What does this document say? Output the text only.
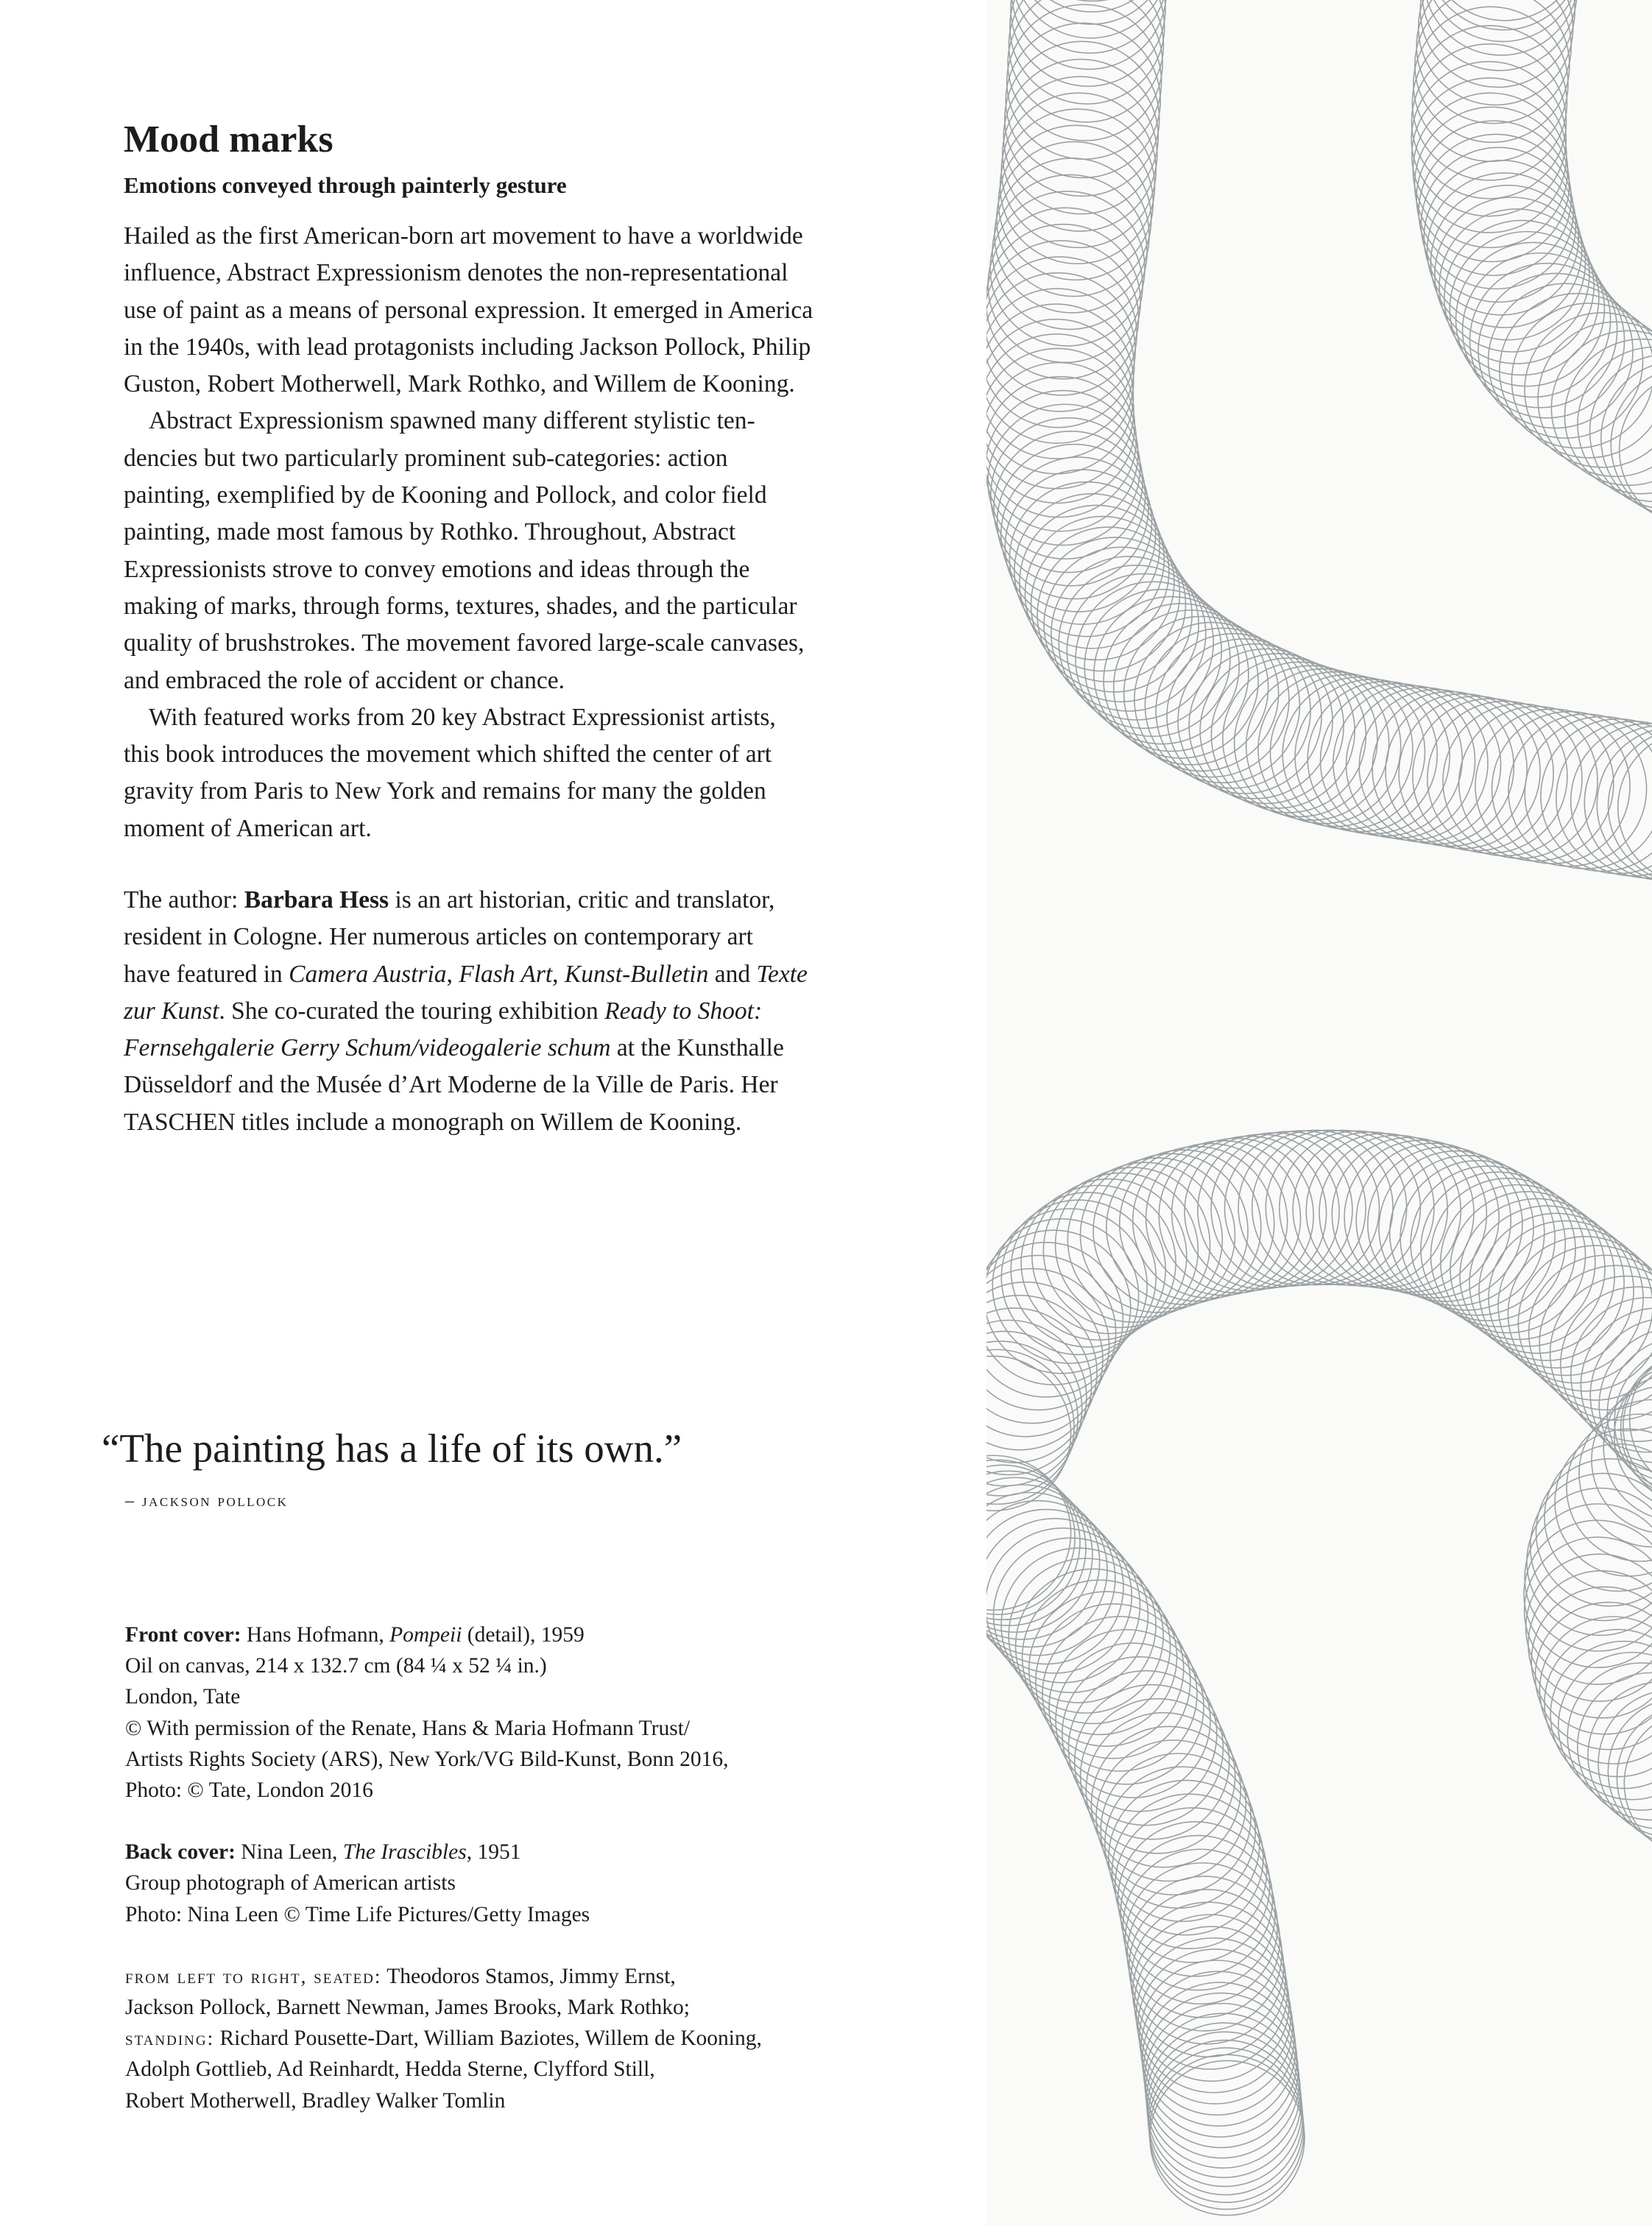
Mood marks
Emotions conveyed through painterly gesture
Hailed as the first American-born art movement to have a worldwide
influence, Abstract Expressionism denotes the non-representational
use of paint as a means of personal expression. It emerged in America
in the 1940s, with lead protagonists including Jackson Pollock, Philip
Guston, Robert Motherwell, Mark Rothko, and Willem de Kooning.
Abstract Expressionism spawned many different stylistic ten-
dencies but two particularly prominent sub-categories: action
painting, exemplified by de Kooning and Pollock, and color field
painting, made most famous by Rothko. Throughout, Abstract
Expressionists strove to convey emotions and ideas through the
making of marks, through forms, textures, shades, and the particular
quality of brushstrokes. The movement favored large-scale canvases,
and embraced the role of accident or chance.
With featured works from 20 key Abstract Expressionist artists,
this book introduces the movement which shifted the center of art
gravity from Paris to New York and remains for many the golden
moment of American art.
The author: Barbara Hess is an art historian, critic and translator,
resident in Cologne. Her numerous articles on contemporary art
have featured in Camera Austria, Flash Art, Kunst-Bulletin and Texte
zur Kunst. She co-curated the touring exhibition Ready to Shoot:
Fernsehgalerie Gerry Schum/videogalerie schum at the Kunsthalle
Düsseldorf and the Musée d’Art Moderne de la Ville de Paris. Her
TASCHEN titles include a monograph on Willem de Kooning.
“The painting has a life of its own.”
– jackson pollock
Front cover: Hans Hofmann, Pompeii (detail), 1959
Oil on canvas, 214 x 132.7 cm (84 ¼ x 52 ¼ in.)
London, Tate
© With permission of the Renate, Hans & Maria Hofmann Trust/
Artists Rights Society (ARS), New York/VG Bild-Kunst, Bonn 2016,
Photo: © Tate, London 2016
Back cover: Nina Leen, The Irascibles, 1951
Group photograph of American artists
Photo: Nina Leen © Time Life Pictures/Getty Images
from left to right, seated: Theodoros Stamos, Jimmy Ernst,
Jackson Pollock, Barnett Newman, James Brooks, Mark Rothko;
standing: Richard Pousette-Dart, William Baziotes, Willem de Kooning,
Adolph Gottlieb, Ad Reinhardt, Hedda Sterne, Clyfford Still,
Robert Motherwell, Bradley Walker Tomlin
